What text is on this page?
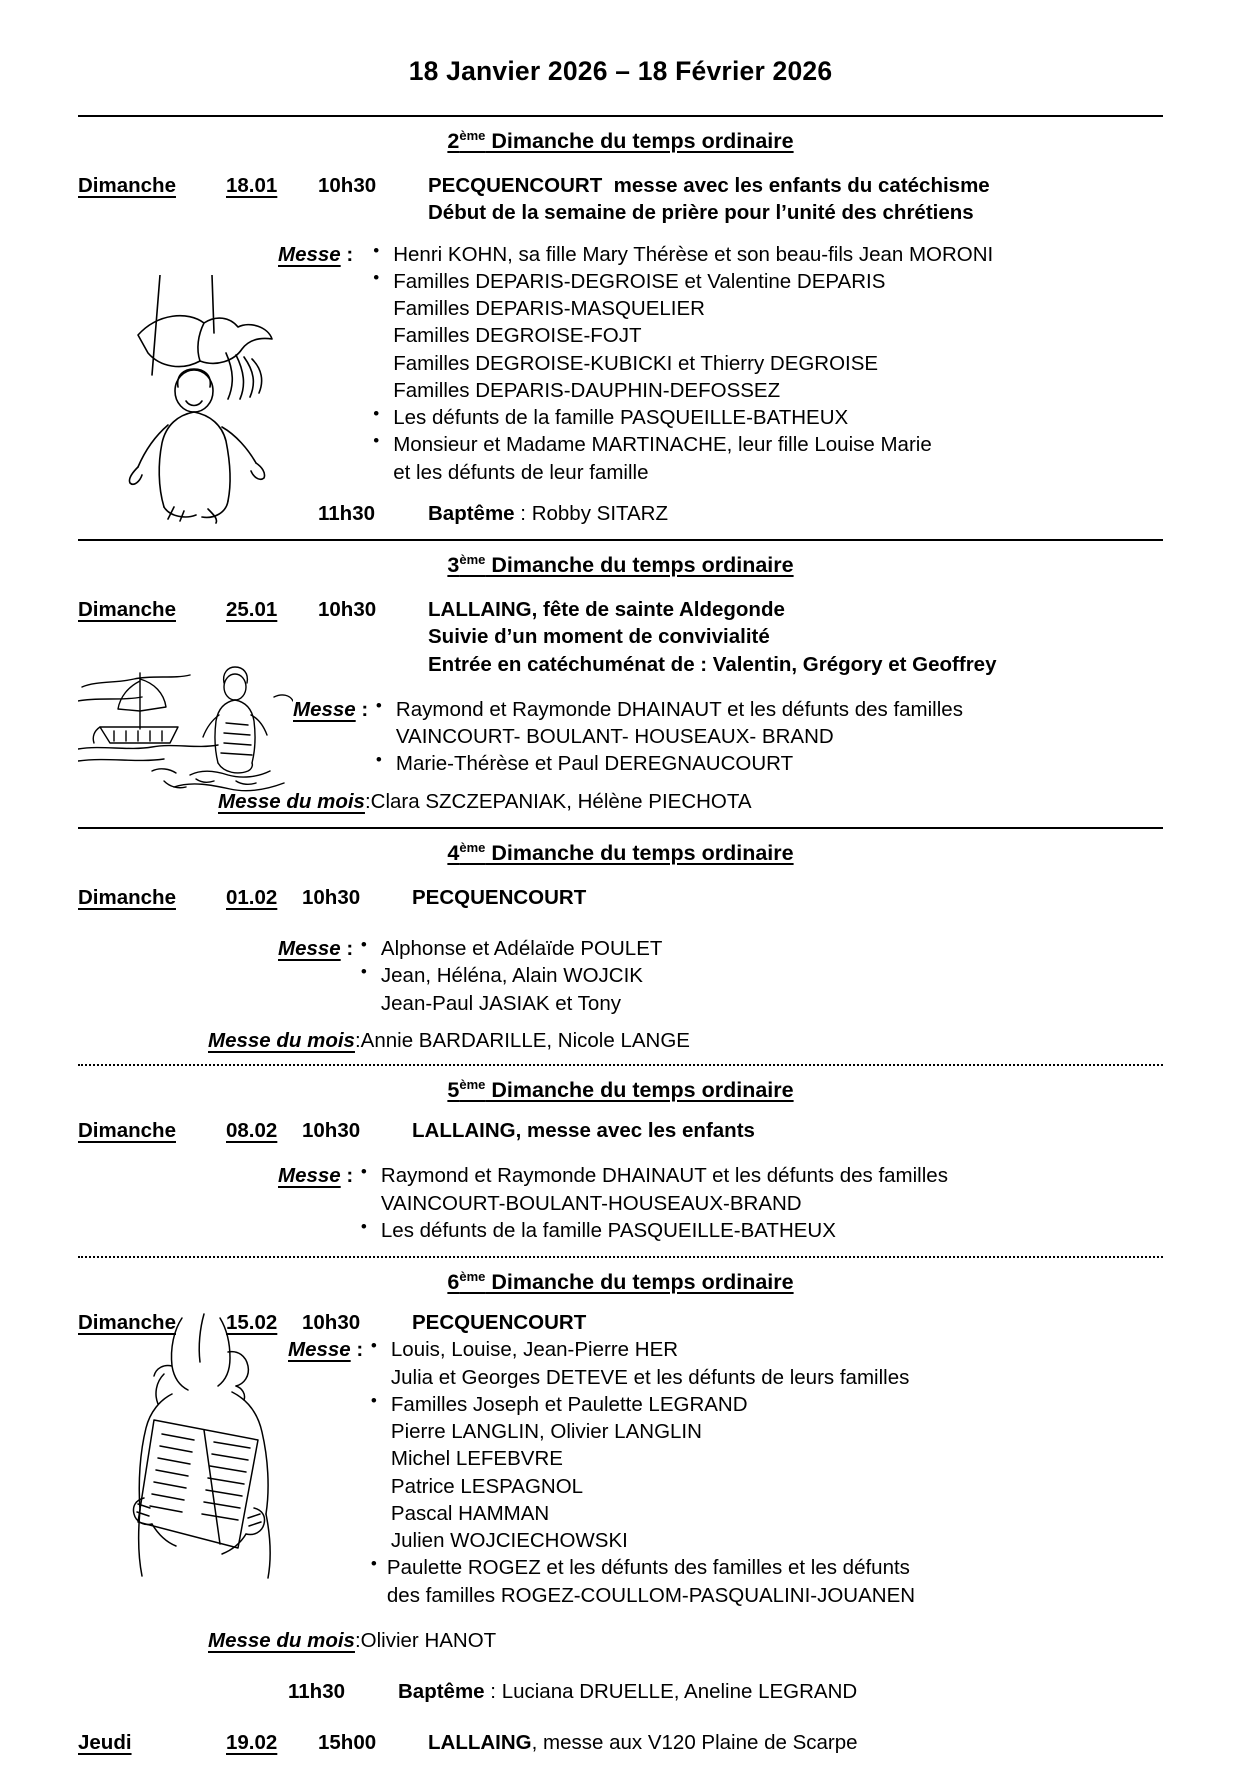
18 Janvier 2026 – 18 Février 2026
2ème Dimanche du temps ordinaire
Dimanche	18.01	10h30	PECQUENCOURT messe avec les enfants du catéchisme
Début de la semaine de prière pour l’unité des chrétiens
Messe :	• Henri KOHN, sa fille Mary Thérèse et son beau-fils Jean MORONI
• Familles DEPARIS-DEGROISE et Valentine DEPARIS
Familles DEPARIS-MASQUELIER
Familles DEGROISE-FOJT
Familles DEGROISE-KUBICKI et Thierry DEGROISE
Familles DEPARIS-DAUPHIN-DEFOSSEZ
• Les défunts de la famille PASQUEILLE-BATHEUX
• Monsieur et Madame MARTINACHE, leur fille Louise Marie
et les défunts de leur famille
11h30	Baptême : Robby SITARZ
3ème Dimanche du temps ordinaire
Dimanche	25.01	10h30	LALLAING, fête de sainte Aldegonde
Suivie d’un moment de convivialité
Entrée en catéchuménat de : Valentin, Grégory et Geoffrey
Messe :	• Raymond et Raymonde DHAINAUT et les défunts des familles
VAINCOURT- BOULANT- HOUSEAUX- BRAND
• Marie-Thérèse et Paul DEREGNAUCOURT
Messe du mois : Clara SZCZEPANIAK, Hélène PIECHOTA
4ème Dimanche du temps ordinaire
Dimanche	01.02	10h30	PECQUENCOURT
Messe :	• Alphonse et Adélaïde POULET
• Jean, Héléna, Alain WOJCIK
Jean-Paul JASIAK et Tony
Messe du mois : Annie BARDARILLE, Nicole LANGE
5ème Dimanche du temps ordinaire
Dimanche	08.02	10h30	LALLAING, messe avec les enfants
Messe :	• Raymond et Raymonde DHAINAUT et les défunts des familles
VAINCOURT-BOULANT-HOUSEAUX-BRAND
• Les défunts de la famille PASQUEILLE-BATHEUX
6ème Dimanche du temps ordinaire
Dimanche	15.02	10h30	PECQUENCOURT
Messe :	• Louis, Louise, Jean-Pierre HER
Julia et Georges DETEVE et les défunts de leurs familles
• Familles Joseph et Paulette LEGRAND
Pierre LANGLIN, Olivier LANGLIN
Michel LEFEBVRE
Patrice LESPAGNOL
Pascal HAMMAN
Julien WOJCIECHOWSKI
• Paulette ROGEZ et les défunts des familles et les défunts
des familles ROGEZ-COULLOM-PASQUALINI-JOUANEN
Messe du mois : Olivier HANOT
11h30	Baptême : Luciana DRUELLE, Aneline LEGRAND
Jeudi	19.02	15h00	LALLAING, messe aux V120 Plaine de Scarpe
